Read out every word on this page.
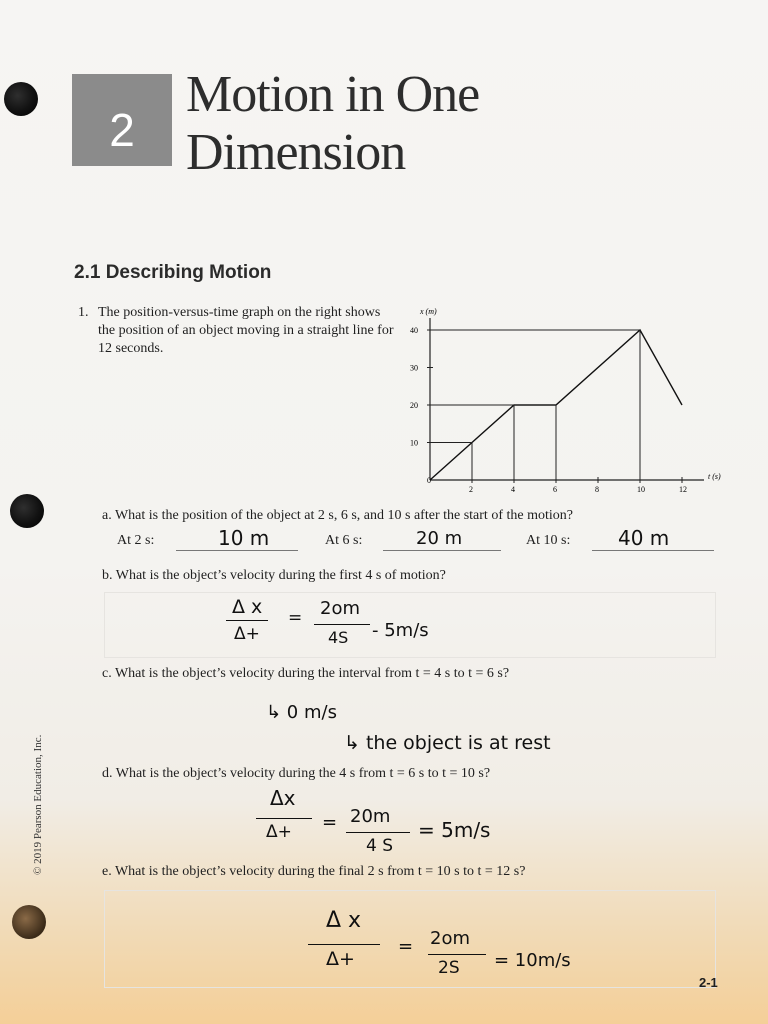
2
Motion in One
Dimension
2.1 Describing Motion
1. The position-versus-time graph on the right shows the position of an object moving in a straight line for 12 seconds.
x (m)
t (s)
0
2	4	6	8	10	12
10
20
30
40
a. What is the position of the object at 2 s, 6 s, and 10 s after the start of the motion?
At 2 s:	10 m	At 6 s:	20 m	At 10 s: 40 m
b. What is the object’s velocity during the first 4 s of motion?
Δ x
Δ+
= 2om
4S - 5m/s
c. What is the object’s velocity during the interval from t = 4 s to t = 6 s?
↳ 0 m/s
↳ the object is at rest
d. What is the object’s velocity during the 4 s from t = 6 s to t = 10 s?
Δx
Δ+ = 20m
4 S
= 5m/s
e. What is the object’s velocity during the final 2 s from t = 10 s to t = 12 s?
Δ x
Δ+
= 2om
2S = 10m/s
© 2019 Pearson Education, Inc.
2-1
